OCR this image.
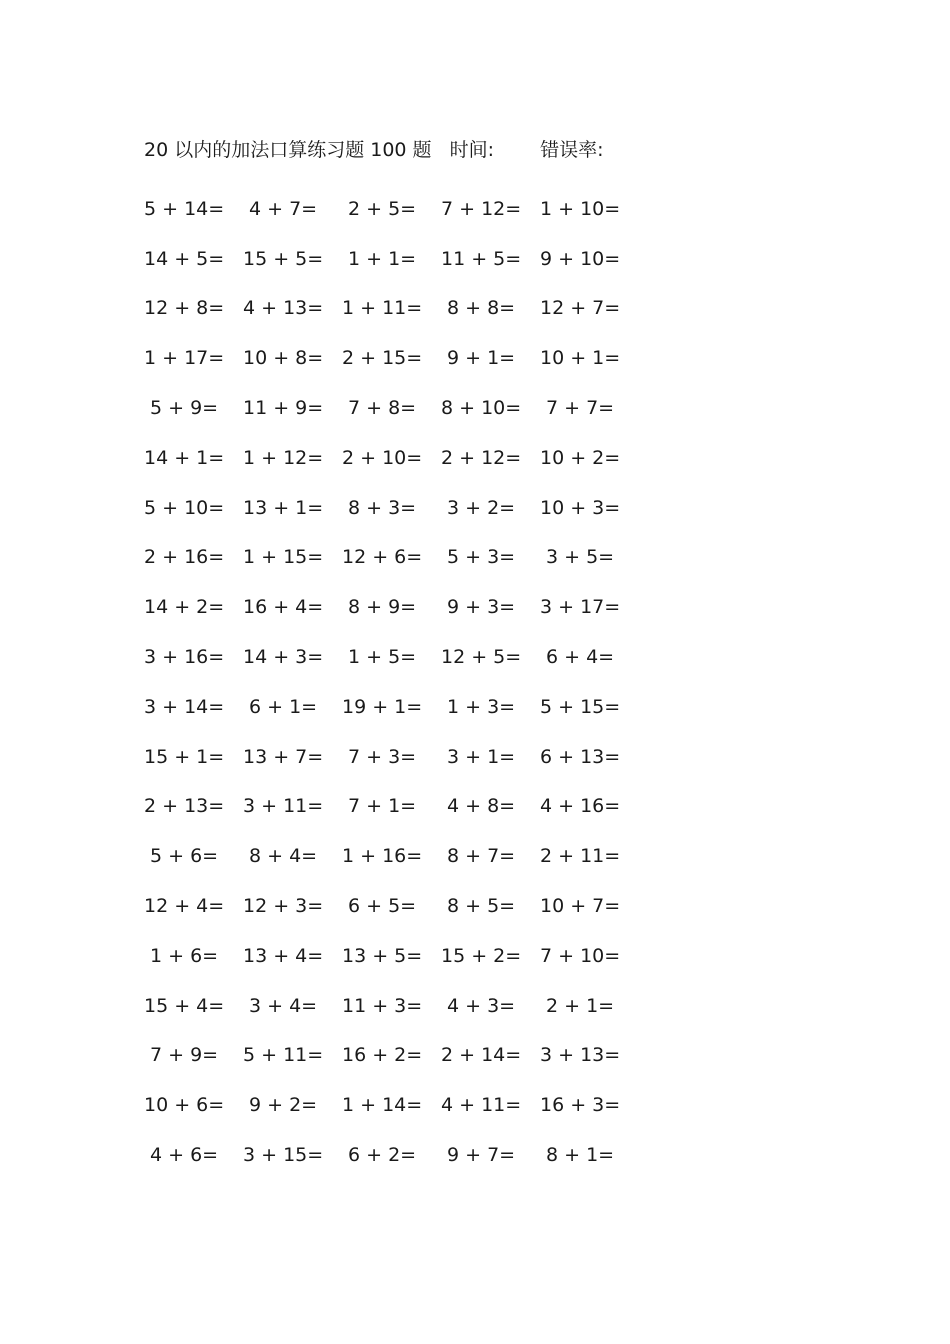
20 以内的加法口算练习题 100 题 时间: 错误率:
5 + 14=	4 + 7=	2 + 5=	7 + 12= 1 + 10=
14 + 5= 15 + 5=	1 + 1=	11 + 5= 9 + 10=
12 + 8= 4 + 13= 1 + 11=	8 + 8=	12 + 7=
1 + 17= 10 + 8= 2 + 15=	9 + 1=	10 + 1=
5 + 9=	11 + 9=	7 + 8=	8 + 10=	7 + 7=
14 + 1= 1 + 12= 2 + 10= 2 + 12= 10 + 2=
5 + 10= 13 + 1=	8 + 3=	3 + 2=	10 + 3=
2 + 16= 1 + 15= 12 + 6=	5 + 3=	3 + 5=
14 + 2= 16 + 4=	8 + 9=	9 + 3=	3 + 17=
3 + 16= 14 + 3=	1 + 5=	12 + 5=	6 + 4=
3 + 14=	6 + 1=	19 + 1=	1 + 3=	5 + 15=
15 + 1= 13 + 7=	7 + 3=	3 + 1=	6 + 13=
2 + 13= 3 + 11=	7 + 1=	4 + 8=	4 + 16=
5 + 6=	8 + 4=	1 + 16=	8 + 7=	2 + 11=
12 + 4= 12 + 3=	6 + 5=	8 + 5=	10 + 7=
1 + 6=	13 + 4= 13 + 5= 15 + 2= 7 + 10=
15 + 4=	3 + 4=	11 + 3=	4 + 3=	2 + 1=
7 + 9=	5 + 11= 16 + 2= 2 + 14= 3 + 13=
10 + 6=	9 + 2=	1 + 14= 4 + 11= 16 + 3=
4 + 6=	3 + 15=	6 + 2=	9 + 7=	8 + 1=
